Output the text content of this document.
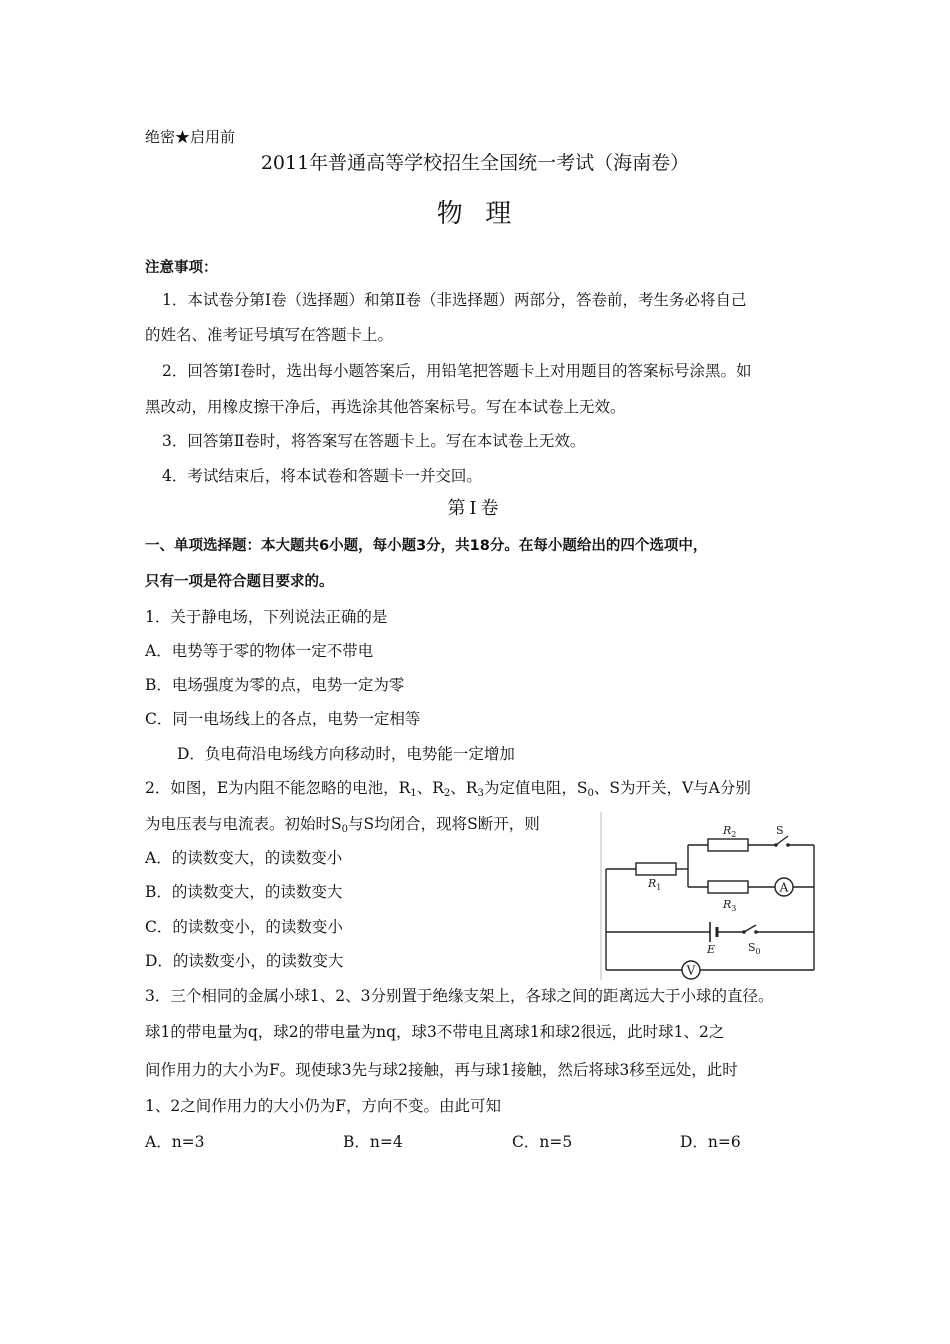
绝密★启用前
2011年普通高等学校招生全国统一考试（海南卷）
物  理
注意事项：
1．本试卷分第Ⅰ卷（选择题）和第Ⅱ卷（非选择题）两部分，答卷前，考生务必将自己
的姓名、准考证号填写在答题卡上。
2．回答第Ⅰ卷时，选出每小题答案后，用铅笔把答题卡上对用题目的答案标号涂黑。如
黑改动，用橡皮擦干净后，再选涂其他答案标号。写在本试卷上无效。
3．回答第Ⅱ卷时，将答案写在答题卡上。写在本试卷上无效。
4．考试结束后，将本试卷和答题卡一并交回。
第Ⅰ卷
一、单项选择题：本大题共6小题，每小题3分，共18分。在每小题给出的四个选项中，
只有一项是符合题目要求的。
1．关于静电场，下列说法正确的是
A．电势等于零的物体一定不带电
B．电场强度为零的点，电势一定为零
C．同一电场线上的各点，电势一定相等
D．负电荷沿电场线方向移动时，电势能一定增加
2．如图，E为内阻不能忽略的电池，$R_1$、$R_2$、$R_3$为定值电阻，$S_0$、S为开关，V与A分别
为电压表与电流表。初始时$S_0$与S均闭合，现将S断开，则
A．的读数变大，的读数变小
B．的读数变大，的读数变大
C．的读数变小，的读数变小
D．的读数变小，的读数变大
A
V
$R_1$
$R_2$
$R_3$
S
E	$S_0$
3．三个相同的金属小球1、2、3分别置于绝缘支架上，各球之间的距离远大于小球的直径。
球1的带电量为q，球2的带电量为nq，球3不带电且离球1和球2很远，此时球1、2之
间作用力的大小为F。现使球3先与球2接触，再与球1接触，然后将球3移至远处，此时
1、2之间作用力的大小仍为F，方向不变。由此可知
A．n=3	B．n=4	C．n=5	D．n=6
